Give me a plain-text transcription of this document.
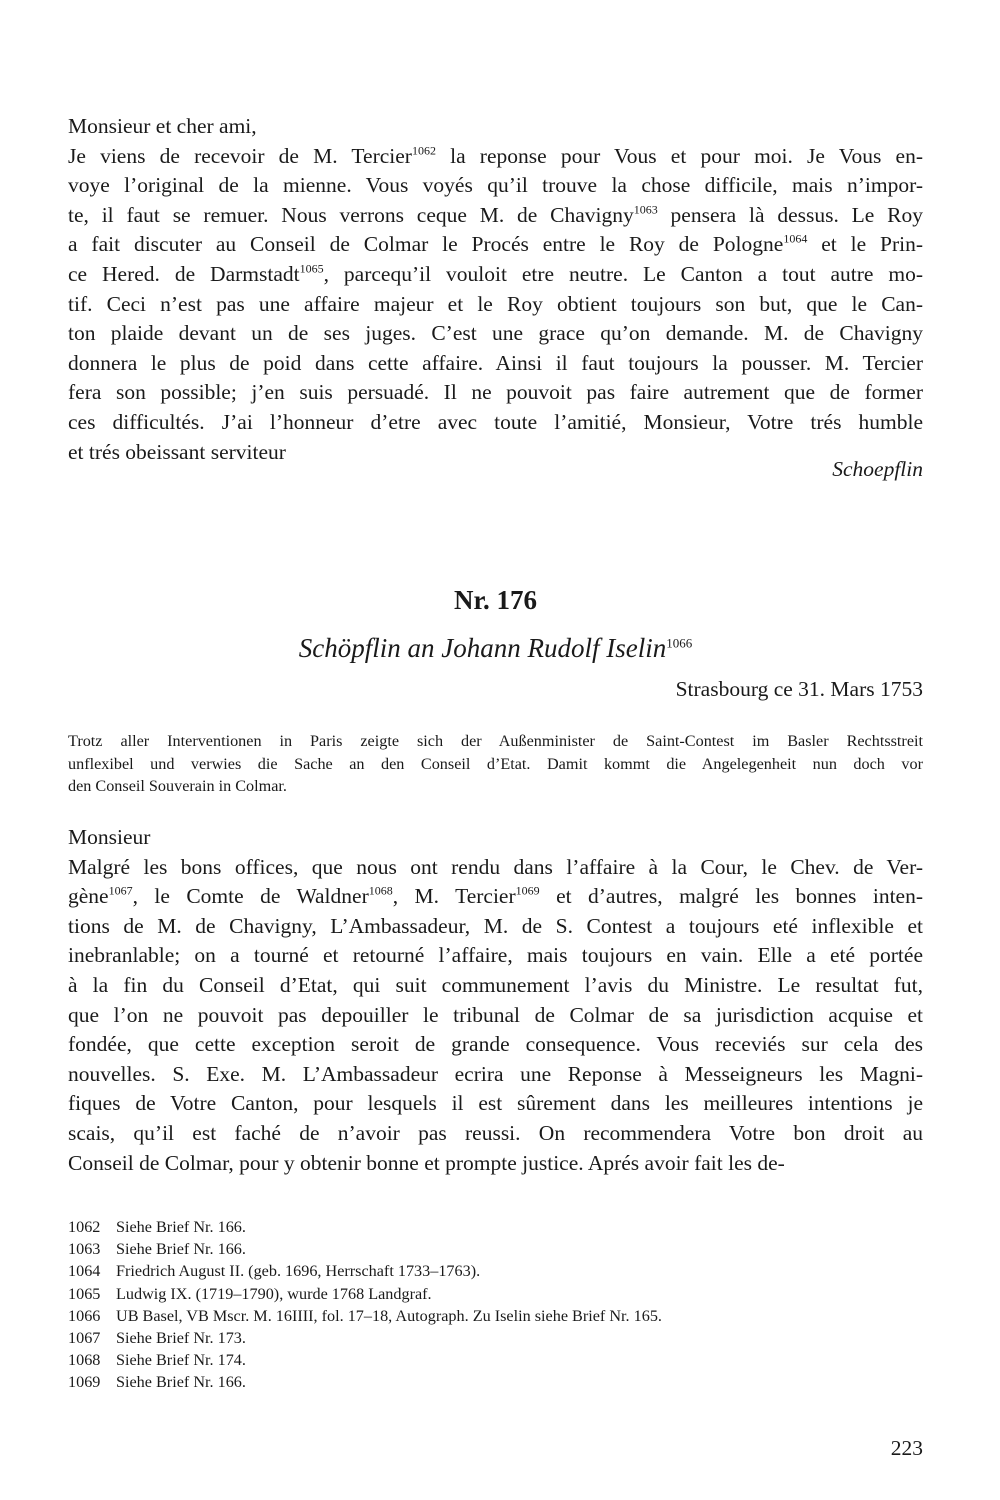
Monsieur et cher ami,

Je viens de recevoir de M. Tercier$^{1062}$ la reponse pour Vous et pour moi. Je Vous en-
voye l’original de la mienne. Vous voyés qu’il trouve la chose difficile, mais n’impor-
te, il faut se remuer. Nous verrons ceque M. de Chavigny$^{1063}$ pensera là dessus. Le Roy
a fait discuter au Conseil de Colmar le Procés entre le Roy de Pologne$^{1064}$ et le Prin-
ce Hered. de Darmstadt$^{1065}$, parcequ’il vouloit etre neutre. Le Canton a tout autre mo-
tif. Ceci n’est pas une affaire majeur et le Roy obtient toujours son but, que le Can-
ton plaide devant un de ses juges. C’est une grace qu’on demande. M. de Chavigny
donnera le plus de poid dans cette affaire. Ainsi il faut toujours la pousser. M. Tercier
fera son possible; j’en suis persuadé. Il ne pouvoit pas faire autrement que de former
ces difficultés. J’ai l’honneur d’etre avec toute l’amitié, Monsieur, Votre trés humble
et trés obeissant serviteur
Schoepflin
Nr. 176
Schöpflin an Johann Rudolf Iselin$^{1066}$
Strasbourg ce 31. Mars 1753
Trotz aller Interventionen in Paris zeigte sich der Außenminister de Saint-Contest im Basler Rechtsstreit
unflexibel und verwies die Sache an den Conseil d’Etat. Damit kommt die Angelegenheit nun doch vor
den Conseil Souverain in Colmar.

Monsieur

Malgré les bons offices, que nous ont rendu dans l’affaire à la Cour, le Chev. de Ver-
gène$^{1067}$, le Comte de Waldner$^{1068}$, M. Tercier$^{1069}$ et d’autres, malgré les bonnes inten-
tions de M. de Chavigny, L’Ambassadeur, M. de S. Contest a toujours eté inflexible et
inebranlable; on a tourné et retourné l’affaire, mais toujours en vain. Elle a eté portée
à la fin du Conseil d’Etat, qui suit communement l’avis du Ministre. Le resultat fut,
que l’on ne pouvoit pas depouiller le tribunal de Colmar de sa jurisdiction acquise et
fondée, que cette exception seroit de grande consequence. Vous receviés sur cela des
nouvelles. S. Exe. M. L’Ambassadeur ecrira une Reponse à Messeigneurs les Magni-
fiques de Votre Canton, pour lesquels il est sûrement dans les meilleures intentions je
scais, qu’il est faché de n’avoir pas reussi. On recommendera Votre bon droit au
Conseil de Colmar, pour y obtenir bonne et prompte justice. Aprés avoir fait les de-
1062 Siehe Brief Nr. 166.
1063 Siehe Brief Nr. 166.
1064 Friedrich August II. (geb. 1696, Herrschaft 1733–1763).
1065 Ludwig IX. (1719–1790), wurde 1768 Landgraf.
1066 UB Basel, VB Mscr. M. 16IIII, fol. 17–18, Autograph. Zu Iselin siehe Brief Nr. 165.
1067 Siehe Brief Nr. 173.
1068 Siehe Brief Nr. 174.
1069 Siehe Brief Nr. 166.
223
